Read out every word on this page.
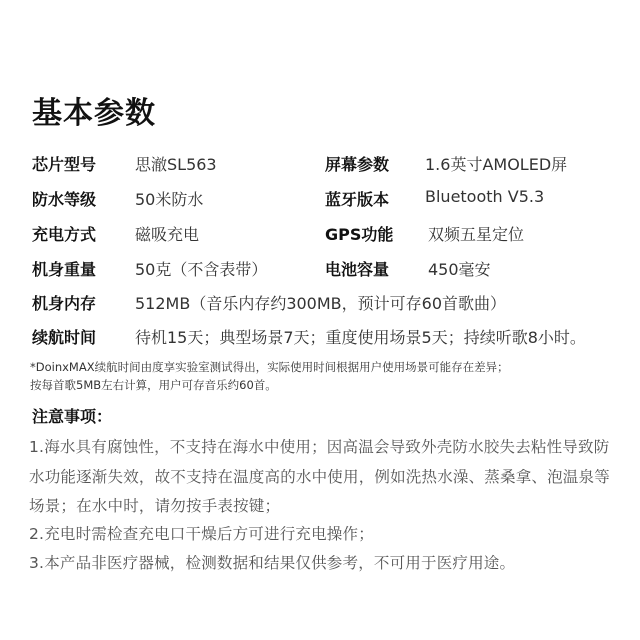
基本参数
芯片型号 思澈SL563	屏幕参数 1.6英寸AMOLED屏
防水等级 50米防水	蓝牙版本 Bluetooth V5.3
充电方式 磁吸充电	GPS功能 双频五星定位
机身重量 50克（不含表带）	电池容量 450毫安
机身内存 512MB（音乐内存约300MB，预计可存60首歌曲）
续航时间 待机15天；典型场景7天；重度使用场景5天；持续听歌8小时。
*DoinxMAX续航时间由度享实验室测试得出，实际使用时间根据用户使用场景可能存在差异；
按每首歌5MB左右计算，用户可存音乐约60首。
注意事项：
1.海水具有腐蚀性，不支持在海水中使用；因高温会导致外壳防水胶失去粘性导致防
水功能逐渐失效，故不支持在温度高的水中使用，例如洗热水澡、蒸桑拿、泡温泉等
场景；在水中时，请勿按手表按键；
2.充电时需检查充电口干燥后方可进行充电操作；
3.本产品非医疗器械，检测数据和结果仅供参考，不可用于医疗用途。
